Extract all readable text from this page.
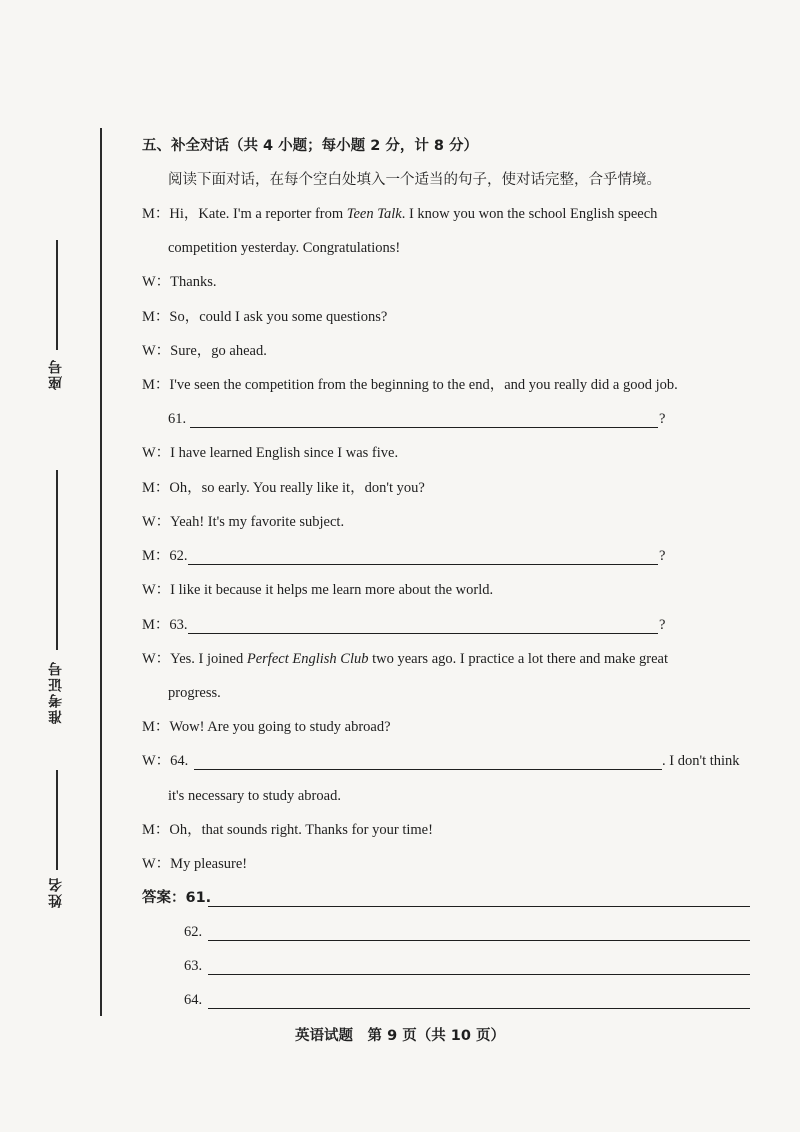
座号
准考证号
姓名
五、补全对话（共 4 小题；每小题 2 分，计 8 分）
阅读下面对话，在每个空白处填入一个适当的句子，使对话完整，合乎情境。
M：Hi，Kate. I'm a reporter from Teen Talk. I know you won the school English speech
competition yesterday. Congratulations!
W：Thanks.
M：So，could I ask you some questions?
W：Sure，go ahead.
M：I've seen the competition from the beginning to the end，and you really did a good job.
61.	?
W：I have learned English since I was five.
M：Oh，so early. You really like it，don't you?
W：Yeah! It's my favorite subject.
M：62.	?
W：I like it because it helps me learn more about the world.
M：63.	?
W：Yes. I joined Perfect English Club two years ago. I practice a lot there and make great
progress.
M：Wow! Are you going to study abroad?
W：64.	. I don't think
it's necessary to study abroad.
M：Oh，that sounds right. Thanks for your time!
W：My pleasure!
答案：61.
62.
63.
64.
英语试题　第 9 页（共 10 页）
